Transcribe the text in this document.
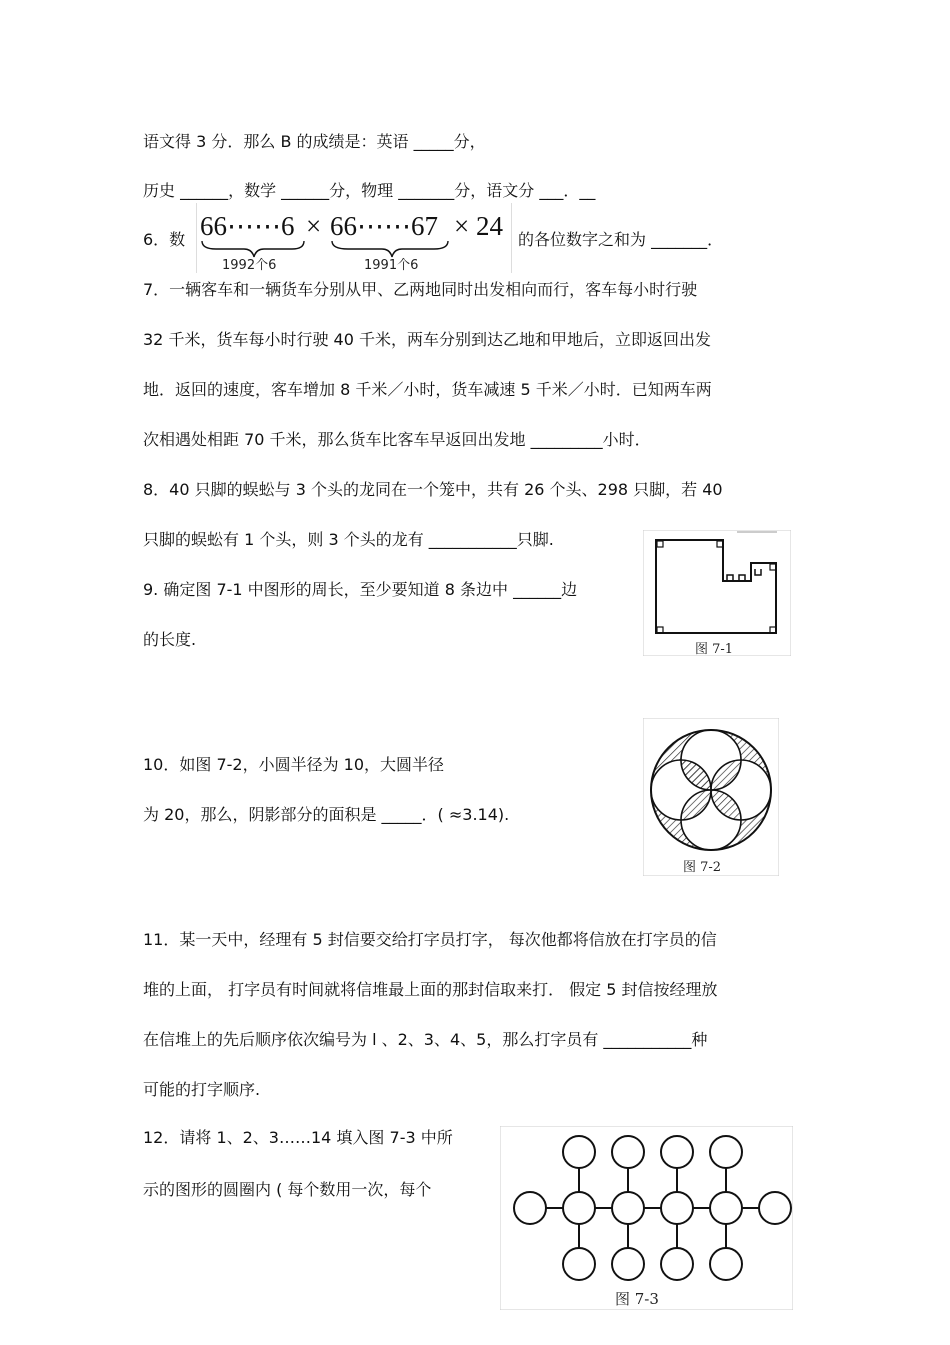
语文得 3 分．那么 B 的成绩是：英语 _____分，
历史 ______，数学 ______分，物理 _______分，语文分 ___．__
6．数 66⋯⋯6 × 66⋯⋯67 × 24
1992个6	1991个6
的各位数字之和为 _______．
7．一辆客车和一辆货车分别从甲、乙两地同时出发相向而行，客车每小时行驶
32 千米，货车每小时行驶 40 千米，两车分别到达乙地和甲地后，立即返回出发
地．返回的速度，客车增加 8 千米／小时，货车减速 5 千米／小时．已知两车两
次相遇处相距 70 千米，那么货车比客车早返回出发地 _________小时．
8．40 只脚的蜈蚣与 3 个头的龙同在一个笼中，共有 26 个头、298 只脚，若 40
只脚的蜈蚣有 1 个头，则 3 个头的龙有 ___________只脚.
9. 确定图 7-1 中图形的周长，至少要知道 8 条边中 ______边
的长度.
10．如图 7-2，小圆半径为 10，大圆半径
为 20，那么，阴影部分的面积是 _____．( ≈3.14).
11．某一天中，经理有 5 封信要交给打字员打字， 每次他都将信放在打字员的信
堆的上面， 打字员有时间就将信堆最上面的那封信取来打． 假定 5 封信按经理放
在信堆上的先后顺序依次编号为 l 、2、3、4、5，那么打字员有 ___________种
可能的打字顺序.
12．请将 1、2、3……14 填入图 7-3 中所
示的图形的圆圈内 ( 每个数用一次，每个
图 7-1
图 7-2
图 7-3
